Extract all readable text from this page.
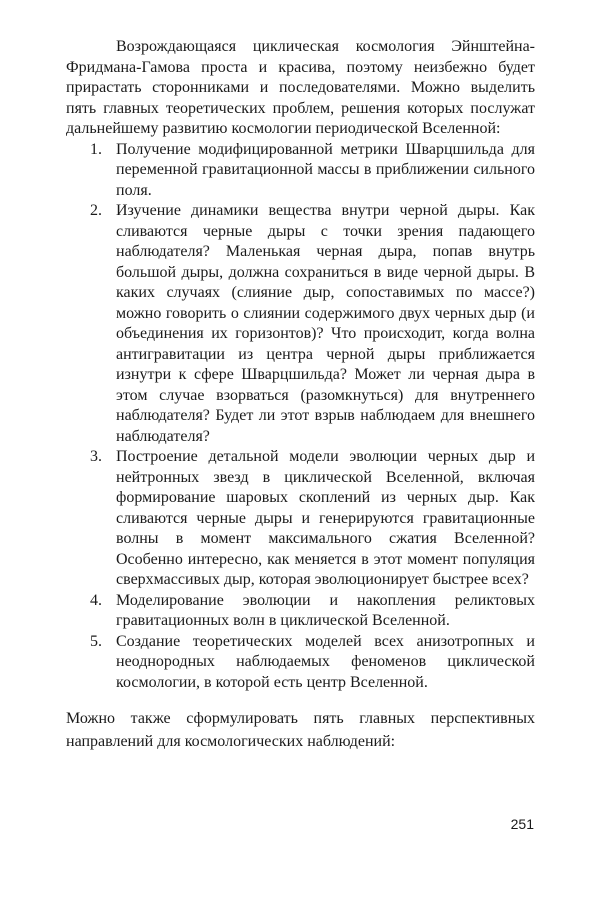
Возрождающаяся циклическая космология Эйнштейна-Фридмана-Гамова проста и красива, поэтому неизбежно будет прирастать сторонниками и последователями. Можно выделить пять главных теоретических проблем, решения которых послужат дальнейшему развитию космологии периодической Вселенной:

1. Получение модифицированной метрики Шварцшильда для переменной гравитационной массы в приближении сильного поля.
2. Изучение динамики вещества внутри черной дыры. Как сливаются черные дыры с точки зрения падающего наблюдателя? Маленькая черная дыра, попав внутрь большой дыры, должна сохраниться в виде черной дыры. В каких случаях (слияние дыр, сопоставимых по массе?) можно говорить о слиянии содержимого двух черных дыр (и объединения их горизонтов)? Что происходит, когда волна антигравитации из центра черной дыры приближается изнутри к сфере Шварцшильда? Может ли черная дыра в этом случае взорваться (разомкнуться) для внутреннего наблюдателя? Будет ли этот взрыв наблюдаем для внешнего наблюдателя?
3. Построение детальной модели эволюции черных дыр и нейтронных звезд в циклической Вселенной, включая формирование шаровых скоплений из черных дыр. Как сливаются черные дыры и генерируются гравитационные волны в момент максимального сжатия Вселенной? Особенно интересно, как меняется в этот момент популяция сверхмассивых дыр, которая эволюционирует быстрее всех?
4. Моделирование эволюции и накопления реликтовых гравитационных волн в циклической Вселенной.
5. Создание теоретических моделей всех анизотропных и неоднородных наблюдаемых феноменов циклической космологии, в которой есть центр Вселенной.

Можно также сформулировать пять главных перспективных направлений для космологических наблюдений:

251
